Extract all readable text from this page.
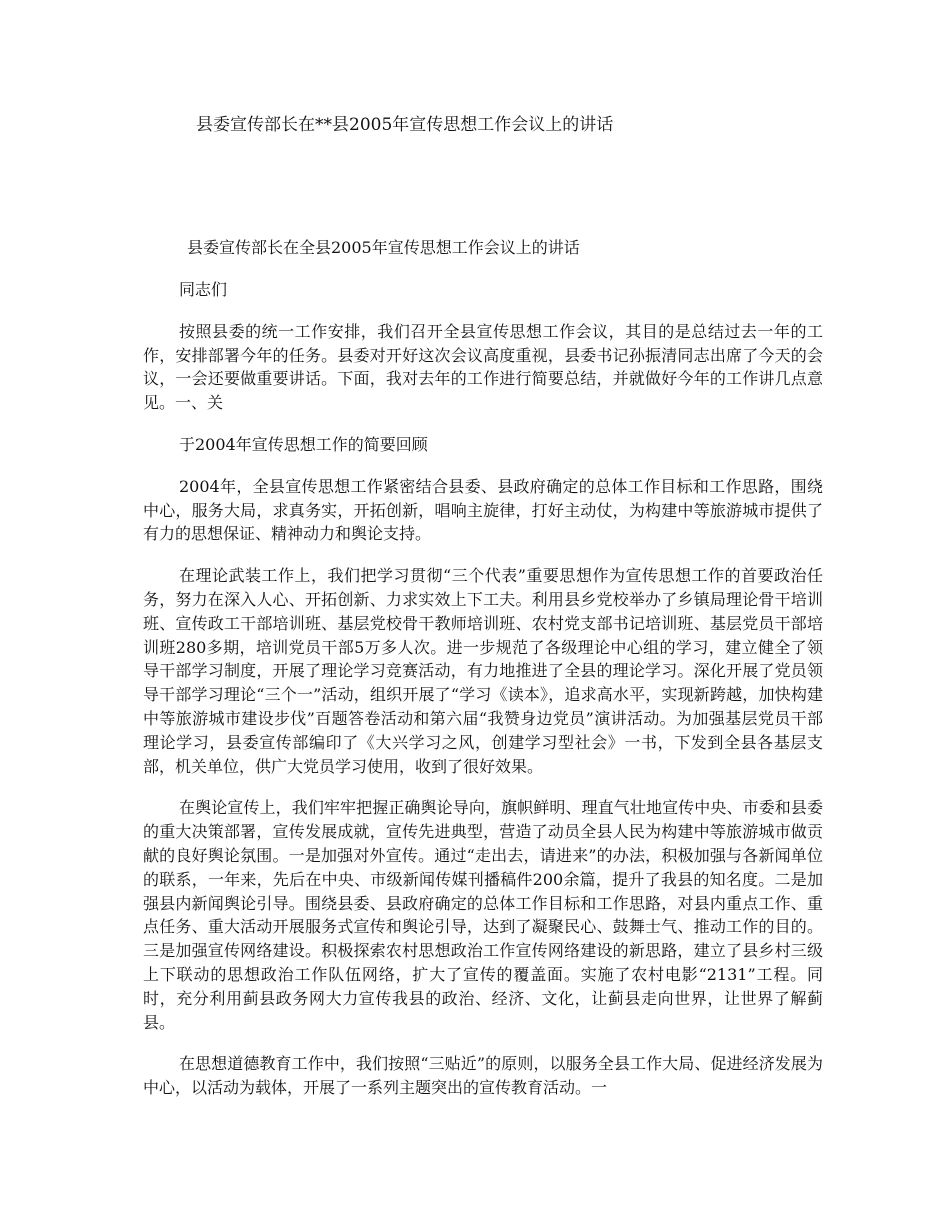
县委宣传部长在**县2005年宣传思想工作会议上的讲话
县委宣传部长在全县2005年宣传思想工作会议上的讲话

同志们

按照县委的统一工作安排，我们召开全县宣传思想工作会议，其目的是总结过去一年的工作，安排部署今年的任务。县委对开好这次会议高度重视，县委书记孙振清同志出席了今天的会议，一会还要做重要讲话。下面，我对去年的工作进行简要总结，并就做好今年的工作讲几点意见。一、关

于2004年宣传思想工作的简要回顾

2004年，全县宣传思想工作紧密结合县委、县政府确定的总体工作目标和工作思路，围绕中心，服务大局，求真务实，开拓创新，唱响主旋律，打好主动仗，为构建中等旅游城市提供了有力的思想保证、精神动力和舆论支持。

在理论武装工作上，我们把学习贯彻“三个代表”重要思想作为宣传思想工作的首要政治任务，努力在深入人心、开拓创新、力求实效上下工夫。利用县乡党校举办了乡镇局理论骨干培训班、宣传政工干部培训班、基层党校骨干教师培训班、农村党支部书记培训班、基层党员干部培训班280多期，培训党员干部5万多人次。进一步规范了各级理论中心组的学习，建立健全了领导干部学习制度，开展了理论学习竞赛活动，有力地推进了全县的理论学习。深化开展了党员领导干部学习理论“三个一”活动，组织开展了“学习《读本》，追求高水平，实现新跨越，加快构建中等旅游城市建设步伐”百题答卷活动和第六届“我赞身边党员”演讲活动。为加强基层党员干部理论学习，县委宣传部编印了《大兴学习之风，创建学习型社会》一书，下发到全县各基层支部，机关单位，供广大党员学习使用，收到了很好效果。

在舆论宣传上，我们牢牢把握正确舆论导向，旗帜鲜明、理直气壮地宣传中央、市委和县委的重大决策部署，宣传发展成就，宣传先进典型，营造了动员全县人民为构建中等旅游城市做贡献的良好舆论氛围。一是加强对外宣传。通过“走出去，请进来”的办法，积极加强与各新闻单位的联系，一年来，先后在中央、市级新闻传媒刊播稿件200余篇，提升了我县的知名度。二是加强县内新闻舆论引导。围绕县委、县政府确定的总体工作目标和工作思路，对县内重点工作、重点任务、重大活动开展服务式宣传和舆论引导，达到了凝聚民心、鼓舞士气、推动工作的目的。三是加强宣传网络建设。积极探索农村思想政治工作宣传网络建设的新思路，建立了县乡村三级上下联动的思想政治工作队伍网络，扩大了宣传的覆盖面。实施了农村电影“2131”工程。同时，充分利用蓟县政务网大力宣传我县的政治、经济、文化，让蓟县走向世界，让世界了解蓟县。

在思想道德教育工作中，我们按照“三贴近”的原则，以服务全县工作大局、促进经济发展为中心，以活动为载体，开展了一系列主题突出的宣传教育活动。一
